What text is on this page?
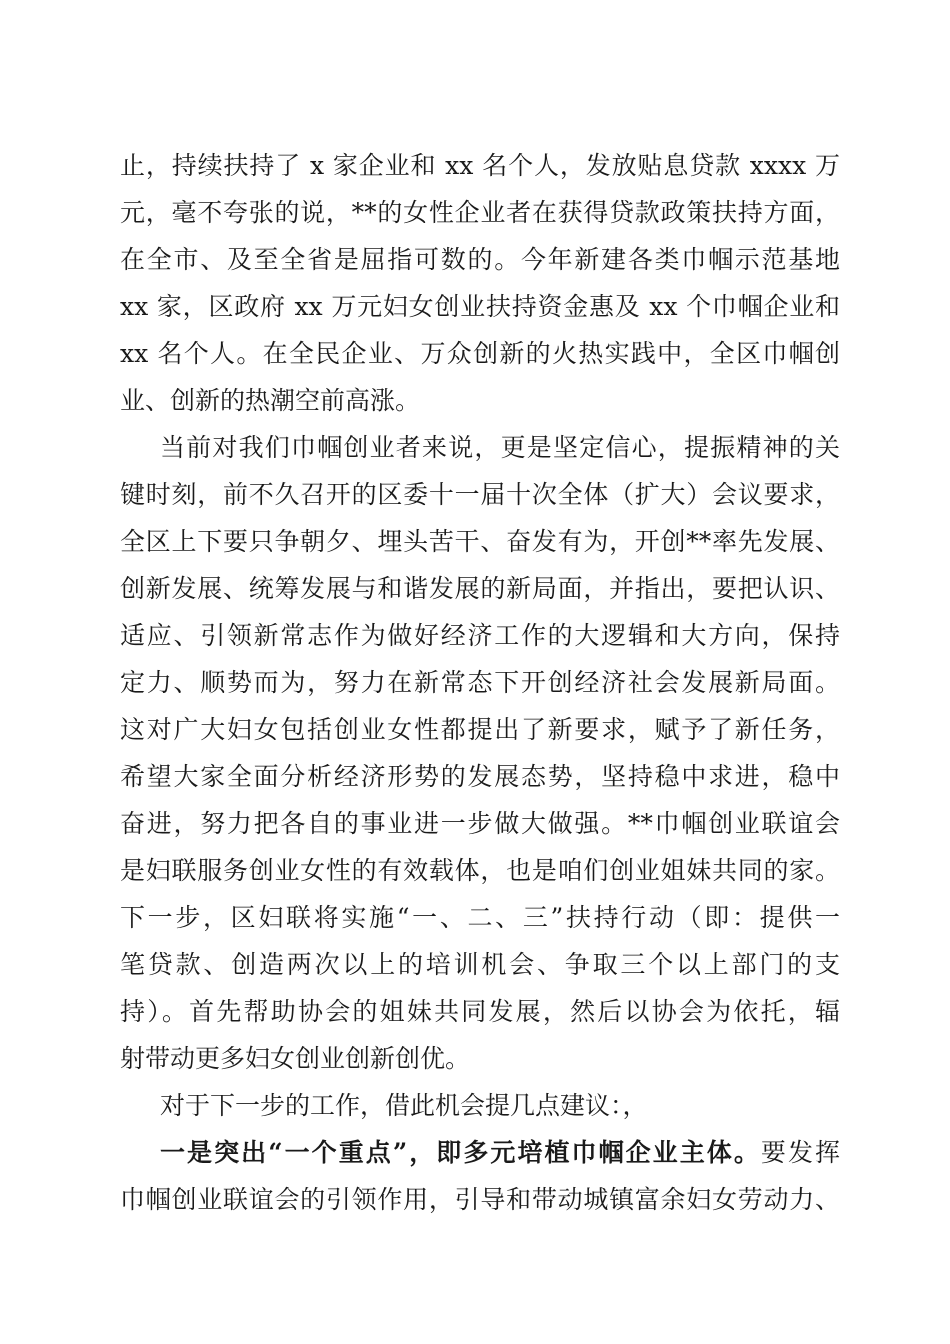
止，持续扶持了 x 家企业和 xx 名个人，发放贴息贷款 xxxx 万
元，毫不夸张的说，**的女性企业者在获得贷款政策扶持方面，
在全市、及至全省是屈指可数的。今年新建各类巾帼示范基地
xx 家，区政府 xx 万元妇女创业扶持资金惠及 xx 个巾帼企业和
xx 名个人。在全民企业、万众创新的火热实践中，全区巾帼创
业、创新的热潮空前高涨。
当前对我们巾帼创业者来说，更是坚定信心，提振精神的关
键时刻，前不久召开的区委十一届十次全体（扩大）会议要求，
全区上下要只争朝夕、埋头苦干、奋发有为，开创**率先发展、
创新发展、统筹发展与和谐发展的新局面，并指出，要把认识、
适应、引领新常志作为做好经济工作的大逻辑和大方向，保持
定力、顺势而为，努力在新常态下开创经济社会发展新局面。
这对广大妇女包括创业女性都提出了新要求，赋予了新任务，
希望大家全面分析经济形势的发展态势，坚持稳中求进，稳中
奋进，努力把各自的事业进一步做大做强。**巾帼创业联谊会
是妇联服务创业女性的有效载体，也是咱们创业姐妹共同的家。
下一步，区妇联将实施“一、二、三”扶持行动（即：提供一
笔贷款、创造两次以上的培训机会、争取三个以上部门的支
持）。首先帮助协会的姐妹共同发展，然后以协会为依托，辐
射带动更多妇女创业创新创优。
对于下一步的工作，借此机会提几点建议：，
一是突出“一个重点”，即多元培植巾帼企业主体。要发挥
巾帼创业联谊会的引领作用，引导和带动城镇富余妇女劳动力、
